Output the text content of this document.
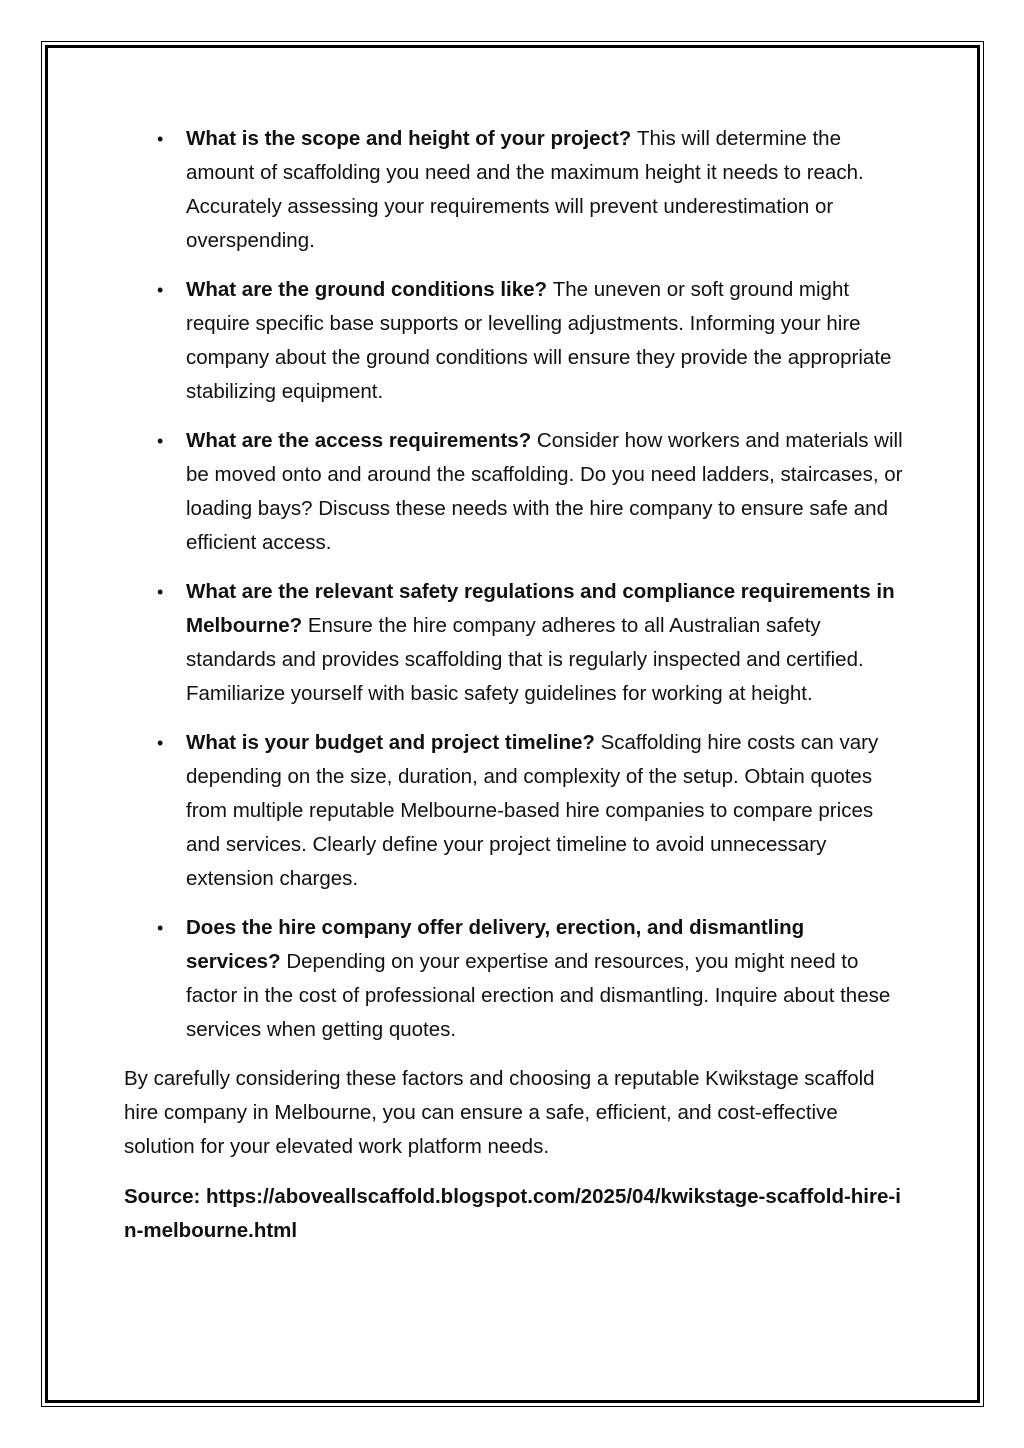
• What is the scope and height of your project? This will determine the amount of scaffolding you need and the maximum height it needs to reach. Accurately assessing your requirements will prevent underestimation or overspending.
• What are the ground conditions like? The uneven or soft ground might require specific base supports or levelling adjustments. Informing your hire company about the ground conditions will ensure they provide the appropriate stabilizing equipment.
• What are the access requirements? Consider how workers and materials will be moved onto and around the scaffolding. Do you need ladders, staircases, or loading bays? Discuss these needs with the hire company to ensure safe and efficient access.
• What are the relevant safety regulations and compliance requirements in Melbourne? Ensure the hire company adheres to all Australian safety standards and provides scaffolding that is regularly inspected and certified. Familiarize yourself with basic safety guidelines for working at height.
• What is your budget and project timeline? Scaffolding hire costs can vary depending on the size, duration, and complexity of the setup. Obtain quotes from multiple reputable Melbourne-based hire companies to compare prices and services. Clearly define your project timeline to avoid unnecessary extension charges.
• Does the hire company offer delivery, erection, and dismantling services? Depending on your expertise and resources, you might need to factor in the cost of professional erection and dismantling. Inquire about these services when getting quotes.

By carefully considering these factors and choosing a reputable Kwikstage scaffold hire company in Melbourne, you can ensure a safe, efficient, and cost-effective solution for your elevated work platform needs.

Source: https://aboveallscaffold.blogspot.com/2025/04/kwikstage-scaffold-hire-in-melbourne.html
